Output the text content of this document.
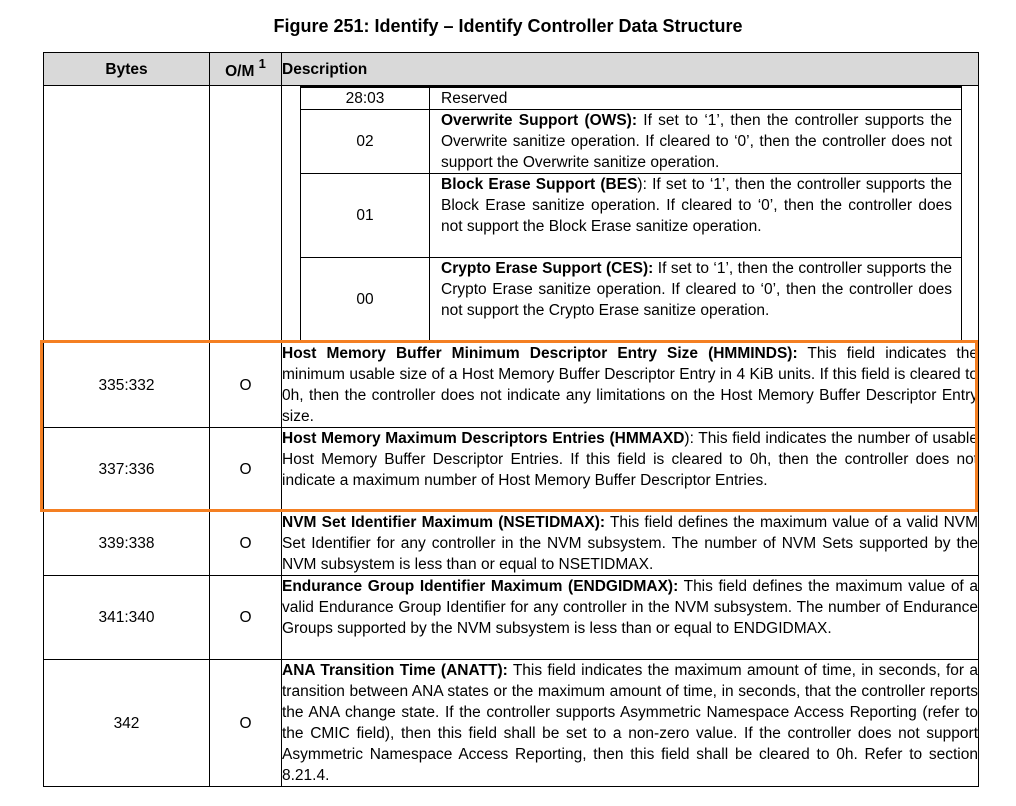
Figure 251: Identify – Identify Controller Data Structure
Bytes	O/M $^1$	Description

28:03	Reserved
02	Overwrite Support (OWS): If set to ‘1’, then the controller supports the Overwrite sanitize operation. If cleared to ‘0’, then the controller does not support the Overwrite sanitize operation.
01	Block Erase Support (BES): If set to ‘1’, then the controller supports the Block Erase sanitize operation. If cleared to ‘0’, then the controller does not support the Block Erase sanitize operation.
00	Crypto Erase Support (CES): If set to ‘1’, then the controller supports the Crypto Erase sanitize operation. If cleared to ‘0’, then the controller does not support the Crypto Erase sanitize operation.

335:332	O	Host Memory Buffer Minimum Descriptor Entry Size (HMMINDS): This field indicates the minimum usable size of a Host Memory Buffer Descriptor Entry in 4 KiB units. If this field is cleared to 0h, then the controller does not indicate any limitations on the Host Memory Buffer Descriptor Entry size.
337:336	O	Host Memory Maximum Descriptors Entries (HMMAXD): This field indicates the number of usable Host Memory Buffer Descriptor Entries. If this field is cleared to 0h, then the controller does not indicate a maximum number of Host Memory Buffer Descriptor Entries.
339:338	O	NVM Set Identifier Maximum (NSETIDMAX): This field defines the maximum value of a valid NVM Set Identifier for any controller in the NVM subsystem. The number of NVM Sets supported by the NVM subsystem is less than or equal to NSETIDMAX.
341:340	O	Endurance Group Identifier Maximum (ENDGIDMAX): This field defines the maximum value of a valid Endurance Group Identifier for any controller in the NVM subsystem. The number of Endurance Groups supported by the NVM subsystem is less than or equal to ENDGIDMAX.
342	O	ANA Transition Time (ANATT): This field indicates the maximum amount of time, in seconds, for a transition between ANA states or the maximum amount of time, in seconds, that the controller reports the ANA change state. If the controller supports Asymmetric Namespace Access Reporting (refer to the CMIC field), then this field shall be set to a non-zero value. If the controller does not support Asymmetric Namespace Access Reporting, then this field shall be cleared to 0h. Refer to section 8.21.4.
